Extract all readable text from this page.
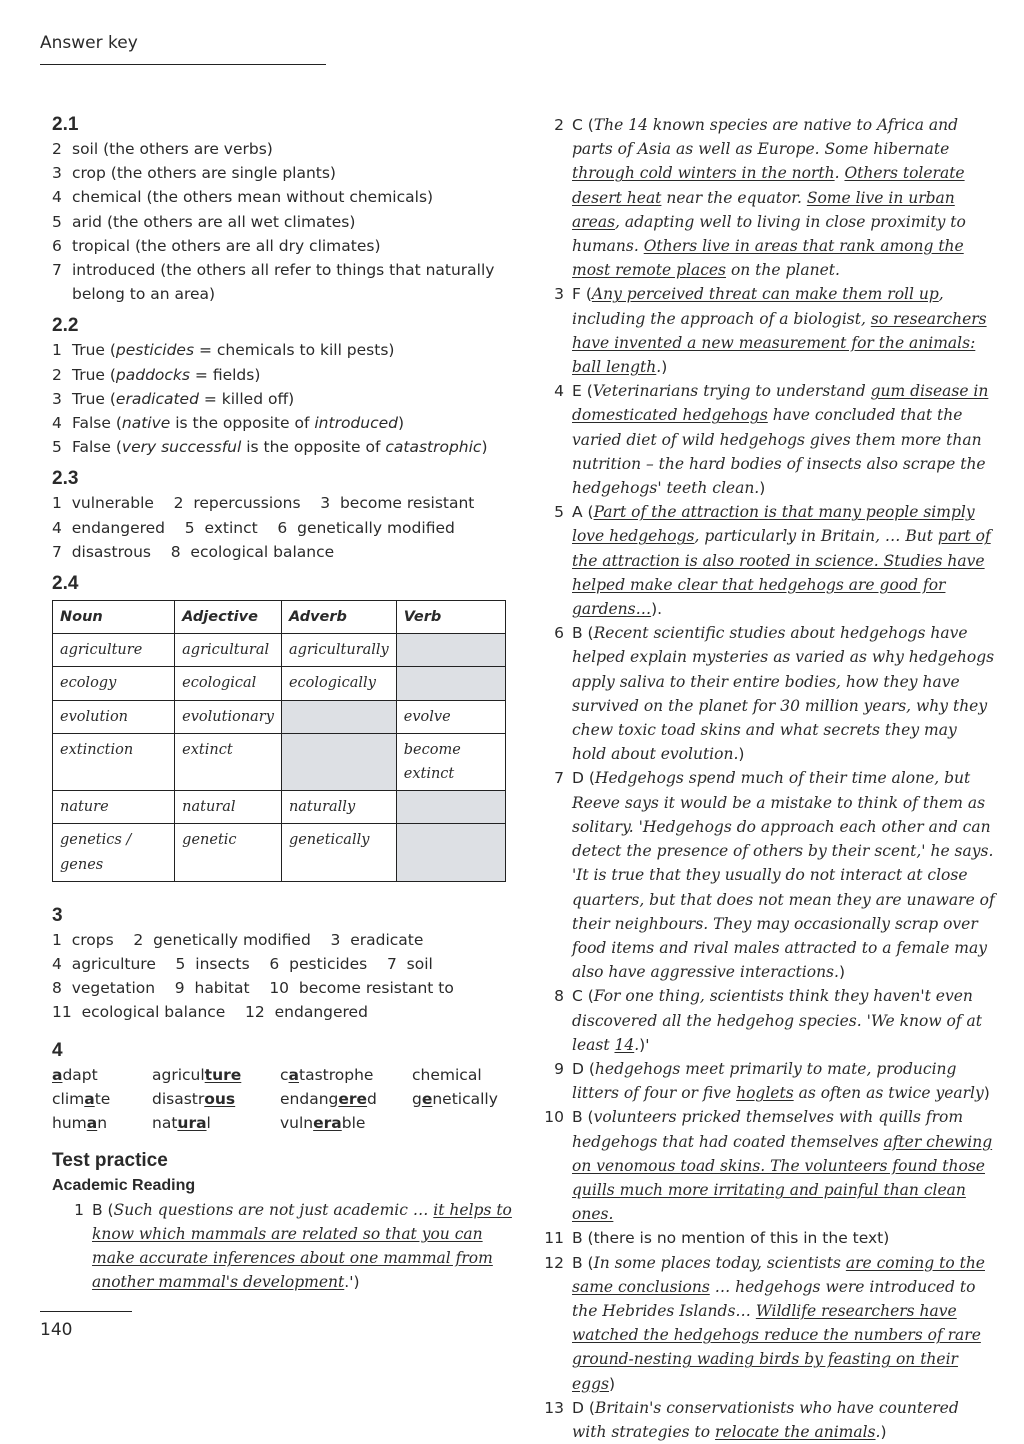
Answer key
2.1
2 soil (the others are verbs)
3 crop (the others are single plants)
4 chemical (the others mean without chemicals)
5 arid (the others are all wet climates)
6 tropical (the others are all dry climates)
7 introduced (the others all refer to things that naturally belong to an area)
2.2
1 True (pesticides = chemicals to kill pests)
2 True (paddocks = fields)
3 True (eradicated = killed off)
4 False (native is the opposite of introduced)
5 False (very successful is the opposite of catastrophic)
2.3
1  vulnerable    2  repercussions    3  become resistant
4  endangered    5  extinct    6  genetically modified
7  disastrous    8  ecological balance
2.4
Noun	Adjective	Adverb	Verb
agriculture	agricultural	agriculturally	
ecology	ecological	ecologically	
evolution	evolutionary		evolve
extinction	extinct		become extinct
nature	natural	naturally	
genetics / genes	genetic	genetically	
3
1  crops    2  genetically modified    3  eradicate
4  agriculture    5  insects    6  pesticides    7  soil
8  vegetation    9  habitat    10  become resistant to
11  ecological balance    12  endangered
4
adapt	agriculture	catastrophe	chemical
climate	disastrous	endangered	genetically
human	natural	vulnerable
Test practice
Academic Reading
1 B (Such questions are not just academic … it helps to know which mammals are related so that you can make accurate inferences about one mammal from another mammal's development.')
2 C (The 14 known species are native to Africa and parts of Asia as well as Europe. Some hibernate through cold winters in the north. Others tolerate desert heat near the equator. Some live in urban areas, adapting well to living in close proximity to humans. Others live in areas that rank among the most remote places on the planet.
3 F (Any perceived threat can make them roll up, including the approach of a biologist, so researchers have invented a new measurement for the animals: ball length.)
4 E (Veterinarians trying to understand gum disease in domesticated hedgehogs have concluded that the varied diet of wild hedgehogs gives them more than nutrition – the hard bodies of insects also scrape the hedgehogs' teeth clean.)
5 A (Part of the attraction is that many people simply love hedgehogs, particularly in Britain, … But part of the attraction is also rooted in science. Studies have helped make clear that hedgehogs are good for gardens…).
6 B (Recent scientific studies about hedgehogs have helped explain mysteries as varied as why hedgehogs apply saliva to their entire bodies, how they have survived on the planet for 30 million years, why they chew toxic toad skins and what secrets they may hold about evolution.)
7 D (Hedgehogs spend much of their time alone, but Reeve says it would be a mistake to think of them as solitary. 'Hedgehogs do approach each other and can detect the presence of others by their scent,' he says. 'It is true that they usually do not interact at close quarters, but that does not mean they are unaware of their neighbours. They may occasionally scrap over food items and rival males attracted to a female may also have aggressive interactions.)
8 C (For one thing, scientists think they haven't even discovered all the hedgehog species. 'We know of at least 14.)'
9 D (hedgehogs meet primarily to mate, producing litters of four or five hoglets as often as twice yearly)
10 B (volunteers pricked themselves with quills from hedgehogs that had coated themselves after chewing on venomous toad skins. The volunteers found those quills much more irritating and painful than clean ones.
11 B (there is no mention of this in the text)
12 B (In some places today, scientists are coming to the same conclusions … hedgehogs were introduced to the Hebrides Islands… Wildlife researchers have watched the hedgehogs reduce the numbers of rare ground-nesting wading birds by feasting on their eggs)
13 D (Britain's conservationists who have countered with strategies to relocate the animals.)
140
